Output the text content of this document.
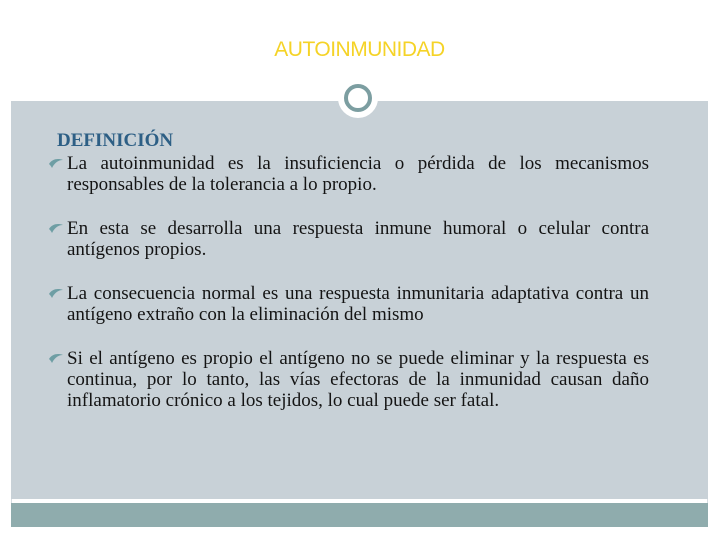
AUTOINMUNIDAD
DEFINICIÓN
La autoinmunidad es la insuficiencia o pérdida de los mecanismos responsables de la tolerancia a lo propio.
En esta se desarrolla una respuesta inmune humoral o celular contra antígenos propios.
La consecuencia normal es una respuesta inmunitaria adaptativa contra un antígeno extraño con la eliminación del mismo
Si el antígeno es propio el antígeno no se puede eliminar y la respuesta es continua, por lo tanto, las vías efectoras de la inmunidad causan daño inflamatorio crónico a los tejidos, lo cual puede ser fatal.
